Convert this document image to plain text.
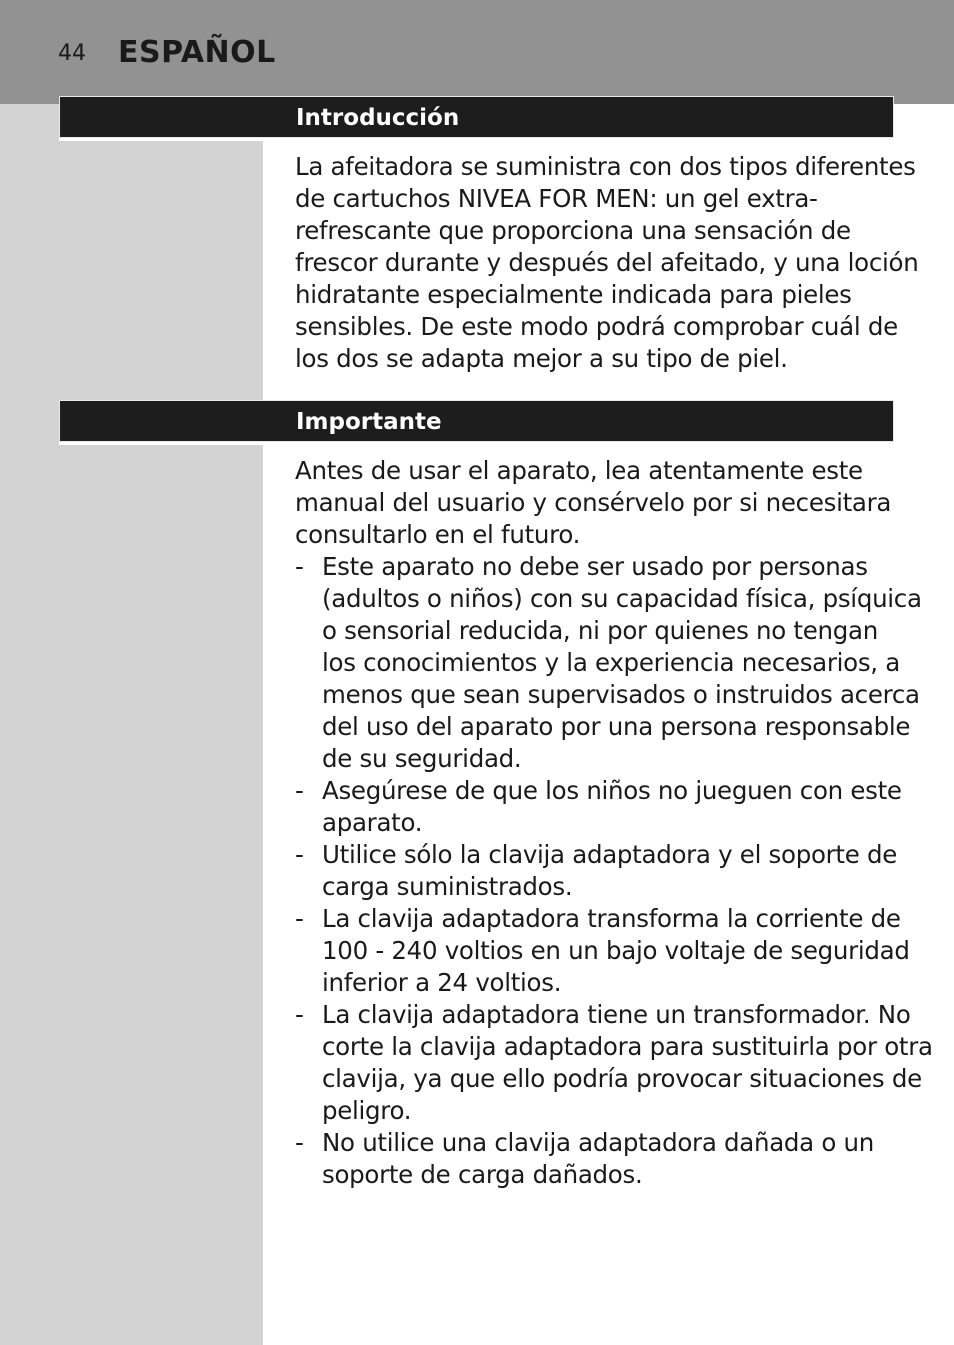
44 ESPAÑOL
Introducción
La afeitadora se suministra con dos tipos diferentes
de cartuchos NIVEA FOR MEN: un gel extra-
refrescante que proporciona una sensación de
frescor durante y después del afeitado, y una loción
hidratante especialmente indicada para pieles
sensibles. De este modo podrá comprobar cuál de
los dos se adapta mejor a su tipo de piel.
Importante
Antes de usar el aparato, lea atentamente este
manual del usuario y consérvelo por si necesitara
consultarlo en el futuro.
- Este aparato no debe ser usado por personas
(adultos o niños) con su capacidad física, psíquica
o sensorial reducida, ni por quienes no tengan
los conocimientos y la experiencia necesarios, a
menos que sean supervisados o instruidos acerca
del uso del aparato por una persona responsable
de su seguridad.
- Asegúrese de que los niños no jueguen con este
aparato.
- Utilice sólo la clavija adaptadora y el soporte de
carga suministrados.
- La clavija adaptadora transforma la corriente de
100 - 240 voltios en un bajo voltaje de seguridad
inferior a 24 voltios.
- La clavija adaptadora tiene un transformador. No
corte la clavija adaptadora para sustituirla por otra
clavija, ya que ello podría provocar situaciones de
peligro.
- No utilice una clavija adaptadora dañada o un
soporte de carga dañados.
